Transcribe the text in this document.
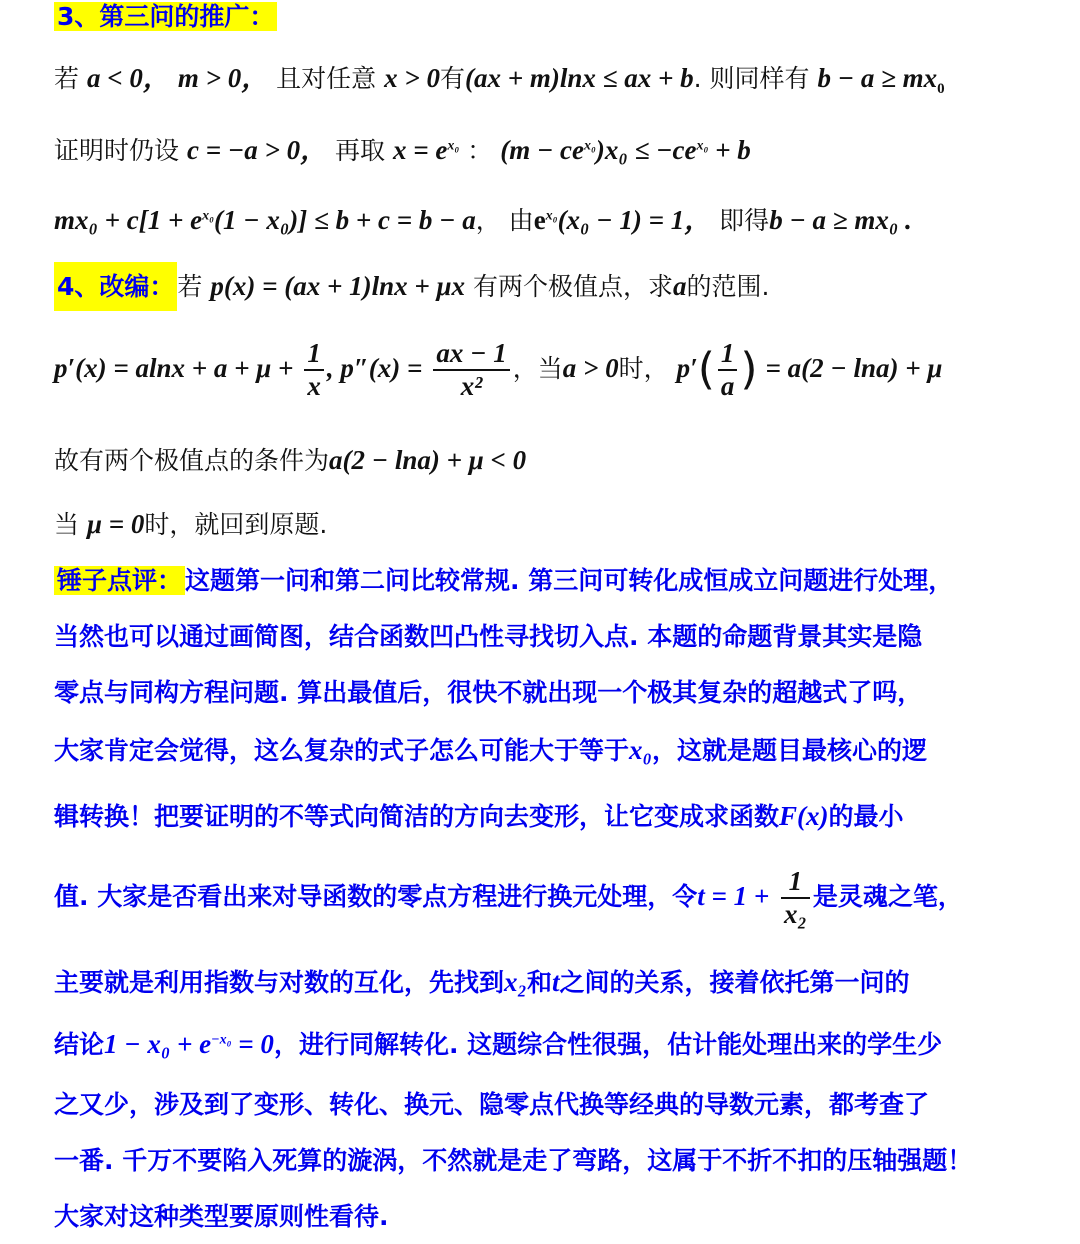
3、第三问的推广：
若 a < 0， m > 0， 且对任意 x > 0有(ax + m)lnx ≤ ax + b. 则同样有 $b - a \ge mx_0$
证明时仍设 c = −a > 0， 再取 $x = e^{x_0}$ ： $(m - ce^{x_0})x_0 \le -ce^{x_0} + b$
$mx_0 + c[1 + e^{x_0}(1 - x_0)] \le b + c = b - a$， 由$e^{x_0}(x_0 - 1) = 1$， 即得b − a ≥ mx₀ .
4、改编： 若 p(x) = (ax + 1)lnx + μx 有两个极值点，求a的范围.
$p'(x) = alnx + a + \mu + \frac{1}{x}$ , $p''(x) = \frac{ax - 1}{\text{x²}}$ ，当a > 0时， $p'( \frac{1}{a}$ ) = a(2 − lna) + μ
故有两个极值点的条件为a(2 − lna) + μ < 0
当 μ = 0时，就回到原题.
锤子点评： 这题第一问和第二问比较常规. 第三问可转化成恒成立问题进行处理，
当然也可以通过画简图，结合函数凹凸性寻找切入点. 本题的命题背景其实是隐
零点与同构方程问题. 算出最值后，很快不就出现一个极其复杂的超越式了吗，
大家肯定会觉得，这么复杂的式子怎么可能大于等于x₀，这就是题目最核心的逻
辑转换！把要证明的不等式向简洁的方向去变形，让它变成求函数F(x)的最小
值. 大家是否看出来对导函数的零点方程进行换元处理，令$t = 1 + \frac{1}{\text{x₂}}$ 是灵魂之笔，
主要就是利用指数与对数的互化，先找到x₂和t之间的关系，接着依托第一问的
结论$1 - x_0 + e^{-x_0} = 0$，进行同解转化. 这题综合性很强，估计能处理出来的学生少
之又少，涉及到了变形、转化、换元、隐零点代换等经典的导数元素，都考查了
一番. 千万不要陷入死算的漩涡，不然就是走了弯路，这属于不折不扣的压轴强题！
大家对这种类型要原则性看待.
